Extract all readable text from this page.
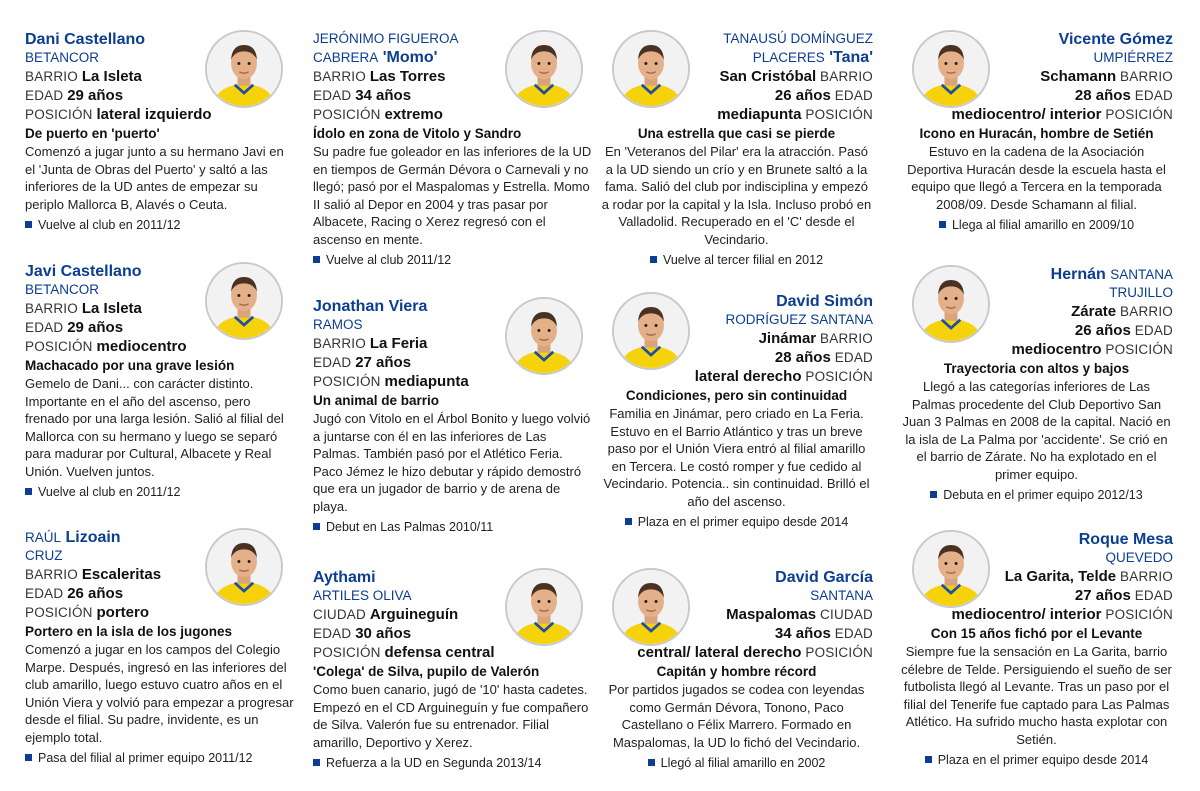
Dani Castellano
BETANCOR
BARRIO La Isleta
EDAD 29 años
POSICIÓN lateral izquierdo
De puerto en 'puerto'
Comenzó a jugar junto a su hermano Javi en el 'Junta de Obras del Puerto' y saltó a las inferiores de la UD antes de empezar su periplo Mallorca B, Alavés o Ceuta.
Vuelve al club en 2011/12
Javi Castellano
BETANCOR
BARRIO La Isleta
EDAD 29 años
POSICIÓN mediocentro
Machacado por una grave lesión
Gemelo de Dani... con carácter distinto. Importante en el año del ascenso, pero frenado por una larga lesión. Salió al filial del Mallorca con su hermano y luego se separó para madurar por Cultural, Albacete y Real Unión. Vuelven juntos.
Vuelve al club en 2011/12
RAÚL Lizoain
CRUZ
BARRIO Escaleritas
EDAD 26 años
POSICIÓN portero
Portero en la isla de los jugones
Comenzó a jugar en los campos del Colegio Marpe. Después, ingresó en las inferiores del club amarillo, luego estuvo cuatro años en el Unión Viera y volvió para empezar a progresar desde el filial. Su padre, invidente, es un ejemplo total.
Pasa del filial al primer equipo 2011/12
JERÓNIMO FIGUEROA
CABRERA 'Momo'
BARRIO Las Torres
EDAD 34 años
POSICIÓN extremo
Ídolo en zona de Vitolo y Sandro
Su padre fue goleador en las inferiores de la UD en tiempos de Germán Dévora o Carnevali y no llegó; pasó por el Maspalomas y Estrella. Momo II salió al Depor en 2004 y tras pasar por Albacete, Racing o Xerez regresó con el ascenso en mente.
Vuelve al club 2011/12
Jonathan Viera
RAMOS
BARRIO La Feria
EDAD 27 años
POSICIÓN mediapunta
Un animal de barrio
Jugó con Vitolo en el Árbol Bonito y luego volvió a juntarse con él en las inferiores de Las Palmas. También pasó por el Atlético Feria. Paco Jémez le hizo debutar y rápido demostró que era un jugador de barrio y de arena de playa.
Debut en Las Palmas 2010/11
Aythami
ARTILES OLIVA
CIUDAD Arguineguín
EDAD 30 años
POSICIÓN defensa central
'Colega' de Silva, pupilo de Valerón
Como buen canario, jugó de '10' hasta cadetes. Empezó en el CD Arguineguín y fue compañero de Silva. Valerón fue su entrenador. Filial amarillo, Deportivo y Xerez.
Refuerza a la UD en Segunda 2013/14
TANAUSÚ DOMÍNGUEZ
PLACERES 'Tana'
San Cristóbal BARRIO
26 años EDAD
mediapunta POSICIÓN
Una estrella que casi se pierde
En 'Veteranos del Pilar' era la atracción. Pasó a la UD siendo un crío y en Brunete saltó a la fama. Salió del club por indisciplina y empezó a rodar por la capital y la Isla. Incluso probó en Valladolid. Recuperado en el 'C' desde el Vecindario.
Vuelve al tercer filial en 2012
David Simón
RODRÍGUEZ SANTANA
Jinámar BARRIO
28 años EDAD
lateral derecho POSICIÓN
Condiciones, pero sin continuidad
Familia en Jinámar, pero criado en La Feria. Estuvo en el Barrio Atlántico y tras un breve paso por el Unión Viera entró al filial amarillo en Tercera. Le costó romper y fue cedido al Vecindario. Potencia.. sin continuidad. Brilló el año del ascenso.
Plaza en el primer equipo desde 2014
David García
SANTANA
Maspalomas CIUDAD
34 años EDAD
central/ lateral derecho POSICIÓN
Capitán y hombre récord
Por partidos jugados se codea con leyendas como Germán Dévora, Tonono, Paco Castellano o Félix Marrero. Formado en Maspalomas, la UD lo fichó del Vecindario.
Llegó al filial amarillo en 2002
Vicente Gómez
UMPIÉRREZ
Schamann BARRIO
28 años EDAD
mediocentro/ interior POSICIÓN
Icono en Huracán, hombre de Setién
Estuvo en la cadena de la Asociación Deportiva Huracán desde la escuela hasta el equipo que llegó a Tercera en la temporada 2008/09. Desde Schamann al filial.
Llega al filial amarillo en 2009/10
Hernán SANTANA
TRUJILLO
Zárate BARRIO
26 años EDAD
mediocentro POSICIÓN
Trayectoria con altos y bajos
Llegó a las categorías inferiores de Las Palmas procedente del Club Deportivo San Juan 3 Palmas en 2008 de la capital. Nació en la isla de La Palma por 'accidente'. Se crió en el barrio de Zárate. No ha explotado en el primer equipo.
Debuta en el primer equipo 2012/13
Roque Mesa
QUEVEDO
La Garita, Telde BARRIO
27 años EDAD
mediocentro/ interior POSICIÓN
Con 15 años fichó por el Levante
Siempre fue la sensación en La Garita, barrio célebre de Telde. Persiguiendo el sueño de ser futbolista llegó al Levante. Tras un paso por el filial del Tenerife fue captado para Las Palmas Atlético. Ha sufrido mucho hasta explotar con Setién.
Plaza en el primer equipo desde 2014
